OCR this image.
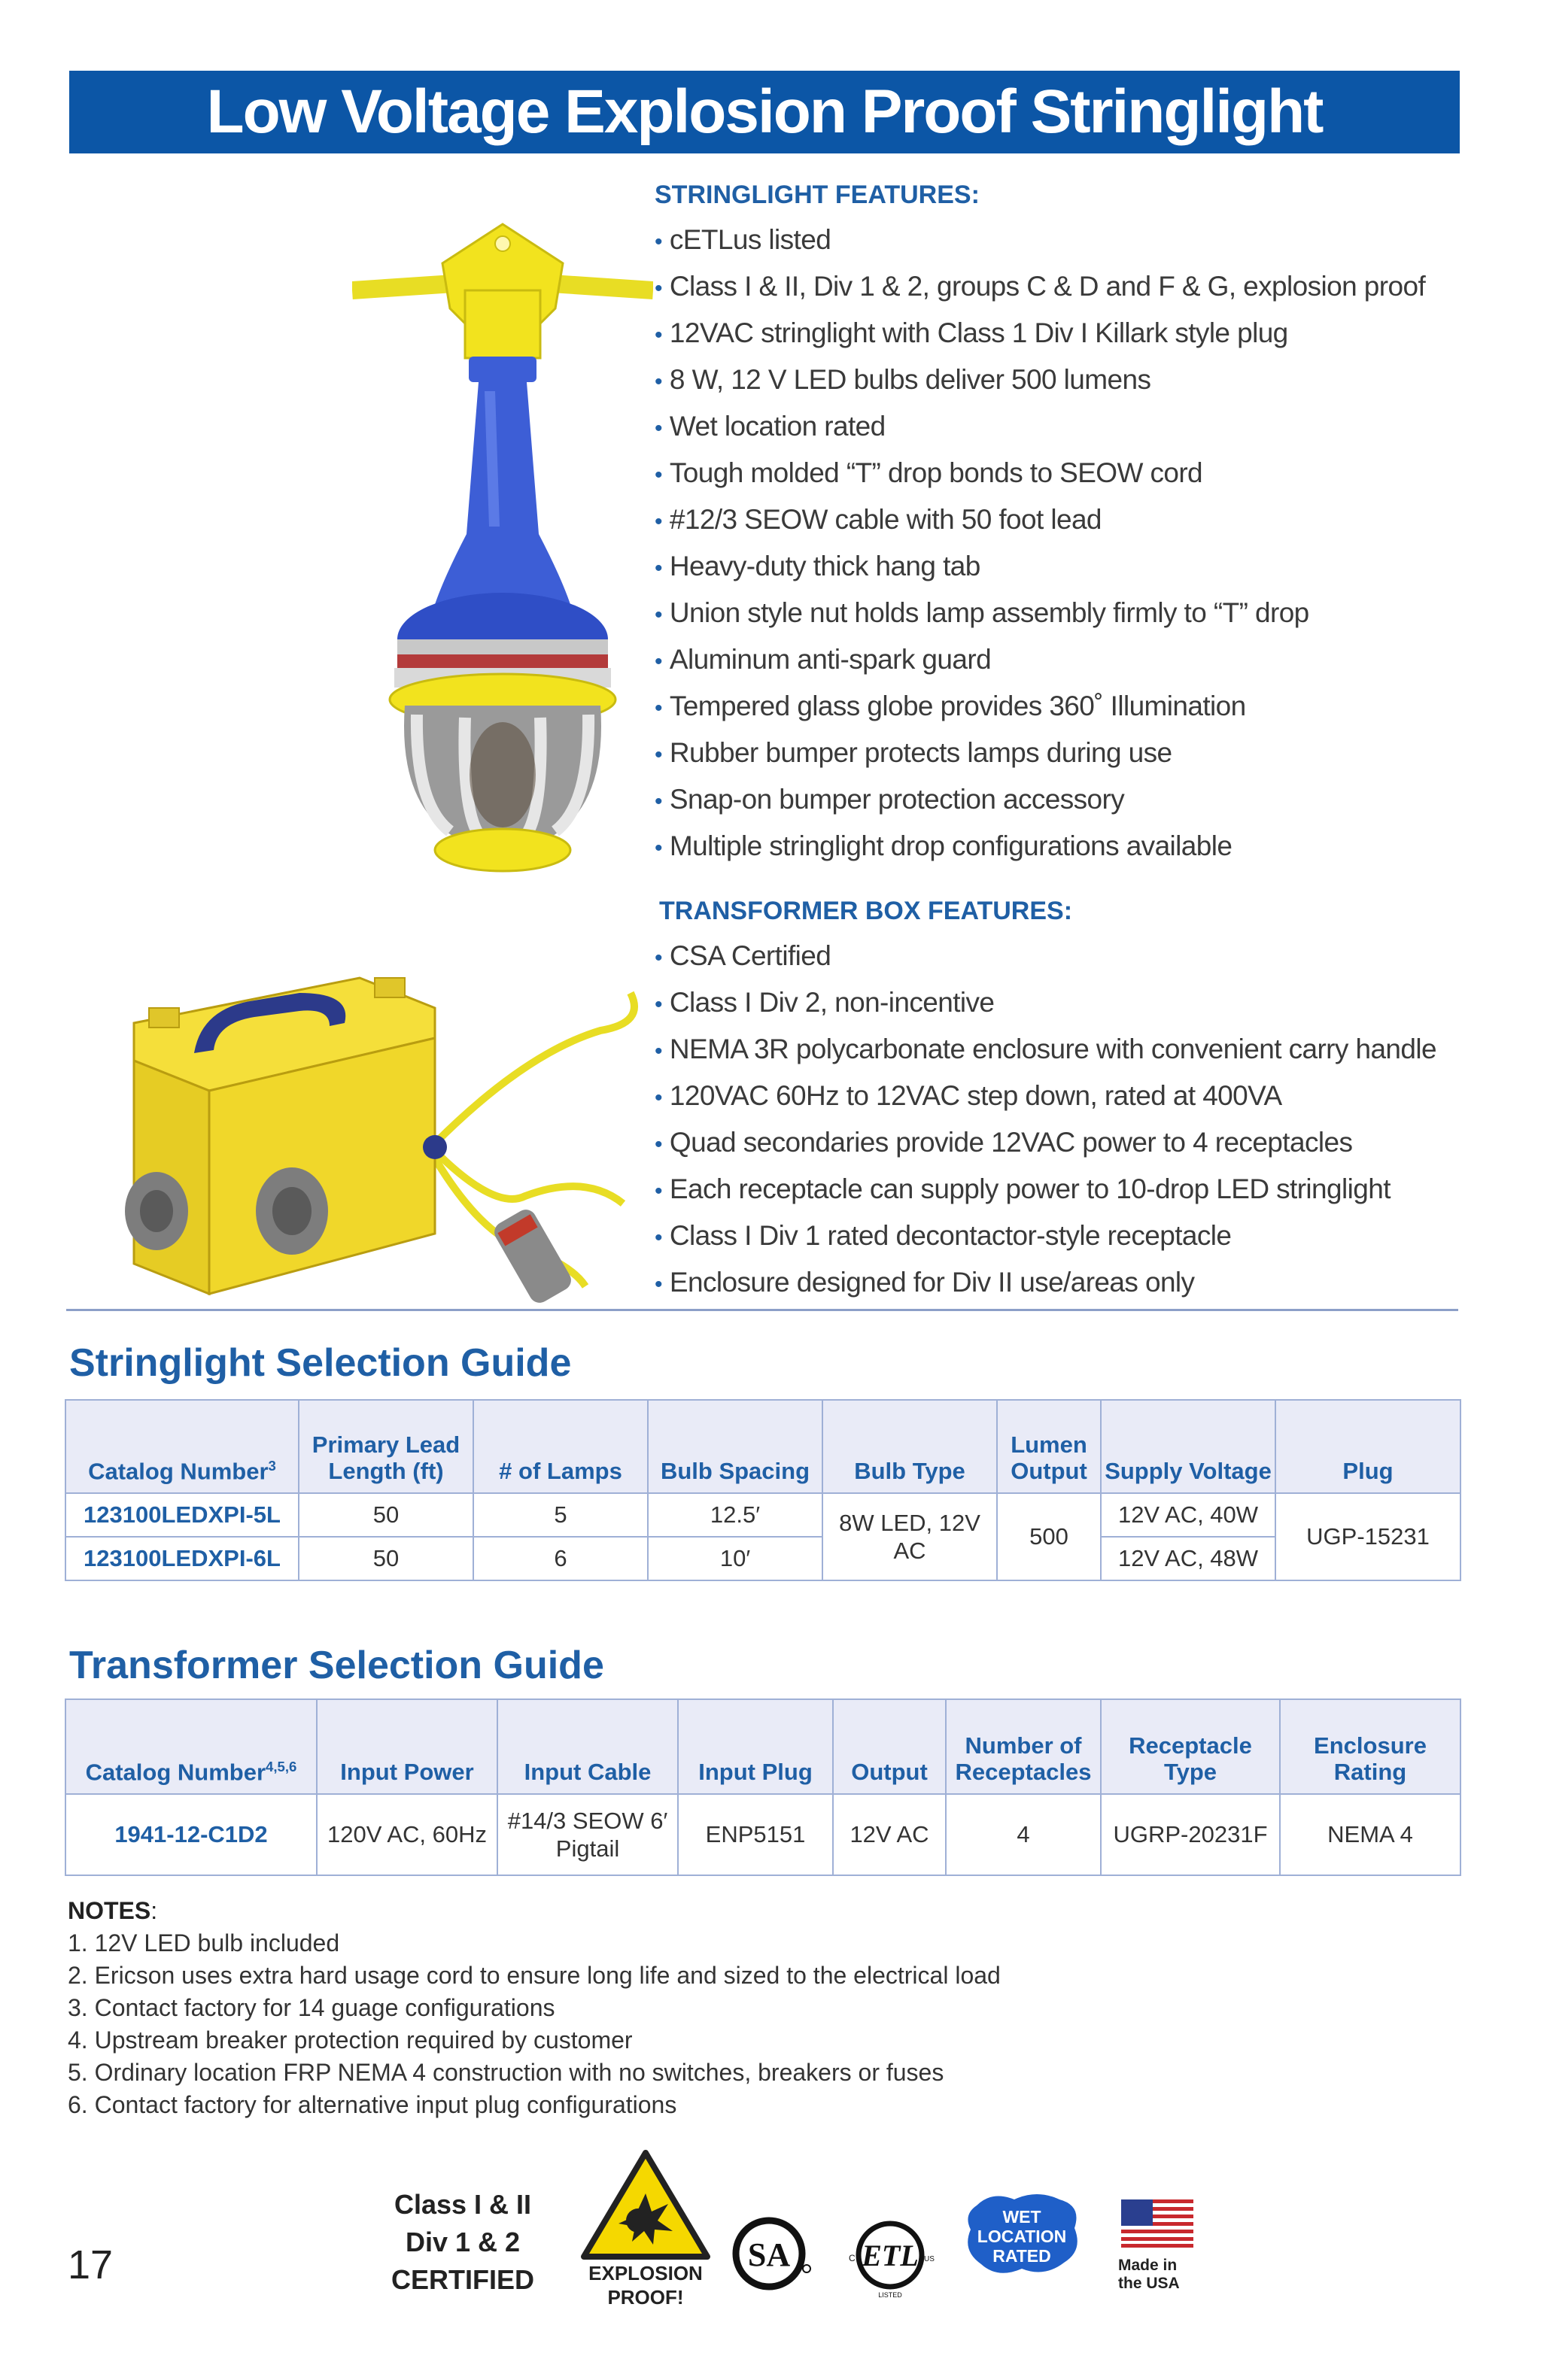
Low Voltage Explosion Proof Stringlight
STRINGLIGHT FEATURES:
• cETLus listed
• Class I & II, Div 1 & 2, groups C & D and F & G, explosion proof
• 12VAC stringlight with Class 1 Div I Killark style plug
• 8 W, 12 V LED bulbs deliver 500 lumens
• Wet location rated
• Tough molded “T” drop bonds to SEOW cord
• #12/3 SEOW cable with 50 foot lead
• Heavy-duty thick hang tab
• Union style nut holds lamp assembly firmly to “T” drop
• Aluminum anti-spark guard
• Tempered glass globe provides 360˚ Illumination
• Rubber bumper protects lamps during use
• Snap-on bumper protection accessory
• Multiple stringlight drop configurations available
TRANSFORMER BOX FEATURES:
• CSA Certified
• Class I Div 2, non-incentive
• NEMA 3R polycarbonate enclosure with convenient carry handle
• 120VAC 60Hz to 12VAC step down, rated at 400VA
• Quad secondaries provide 12VAC power to 4 receptacles
• Each receptacle can supply power to 10-drop LED stringlight
• Class I Div 1 rated decontactor-style receptacle
• Enclosure designed for Div II use/areas only
Stringlight Selection Guide
Catalog Number$^3$	Primary Lead Length (ft)	# of Lamps	Bulb Spacing	Bulb Type	Lumen Output	Supply Voltage	Plug
123100LEDXPI-5L	50	5	12.5′	8W LED, 12V AC	500	12V AC, 40W	UGP-15231
123100LEDXPI-6L	50	6	10′			12V AC, 48W	
Transformer Selection Guide
Catalog Number$^{4,5,6}$	Input Power	Input Cable	Input Plug	Output	Number of Receptacles	Receptacle Type	Enclosure Rating
1941-12-C1D2	120V AC, 60Hz	#14/3 SEOW 6′ Pigtail	ENP5151	12V AC	4	UGRP-20231F	NEMA 4
NOTES:
1. 12V LED bulb included
2. Ericson uses extra hard usage cord to ensure long life and sized to the electrical load
3. Contact factory for 14 guage configurations
4. Upstream breaker protection required by customer
5. Ordinary location FRP NEMA 4 construction with no switches, breakers or fuses
6. Contact factory for alternative input plug configurations
17
Class I & II
Div 1 & 2
CERTIFIED	EXPLOSION
PROOF!
SA ETL
C	US
LISTED
WET
LOCATION
RATED	Made in
the USA
